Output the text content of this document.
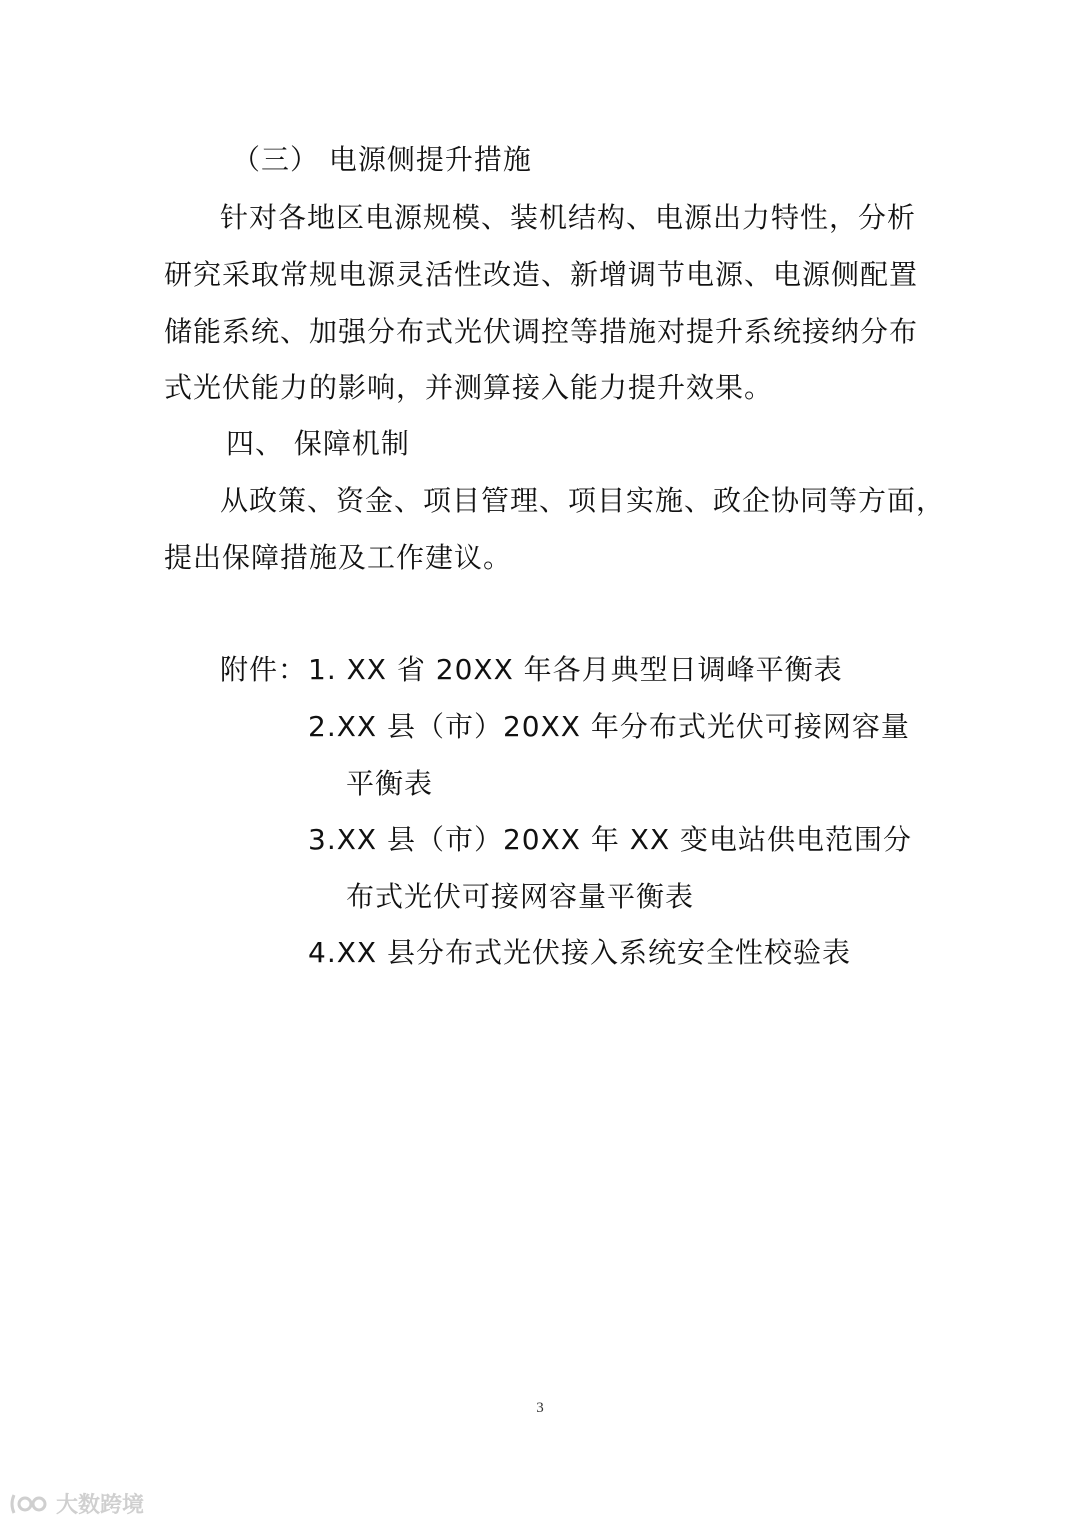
（三） 电源侧提升措施
针对各地区电源规模、装机结构、电源出力特性，分析
研究采取常规电源灵活性改造、新增调节电源、电源侧配置
储能系统、加强分布式光伏调控等措施对提升系统接纳分布
式光伏能力的影响，并测算接入能力提升效果。
四、 保障机制
从政策、资金、项目管理、项目实施、政企协同等方面，
提出保障措施及工作建议。
附件： 1. XX 省 20XX 年各月典型日调峰平衡表
2.XX 县（市）20XX 年分布式光伏可接网容量
平衡表
3.XX 县（市）20XX 年 XX 变电站供电范围分
布式光伏可接网容量平衡表
4.XX 县分布式光伏接入系统安全性校验表
3
大数跨境
